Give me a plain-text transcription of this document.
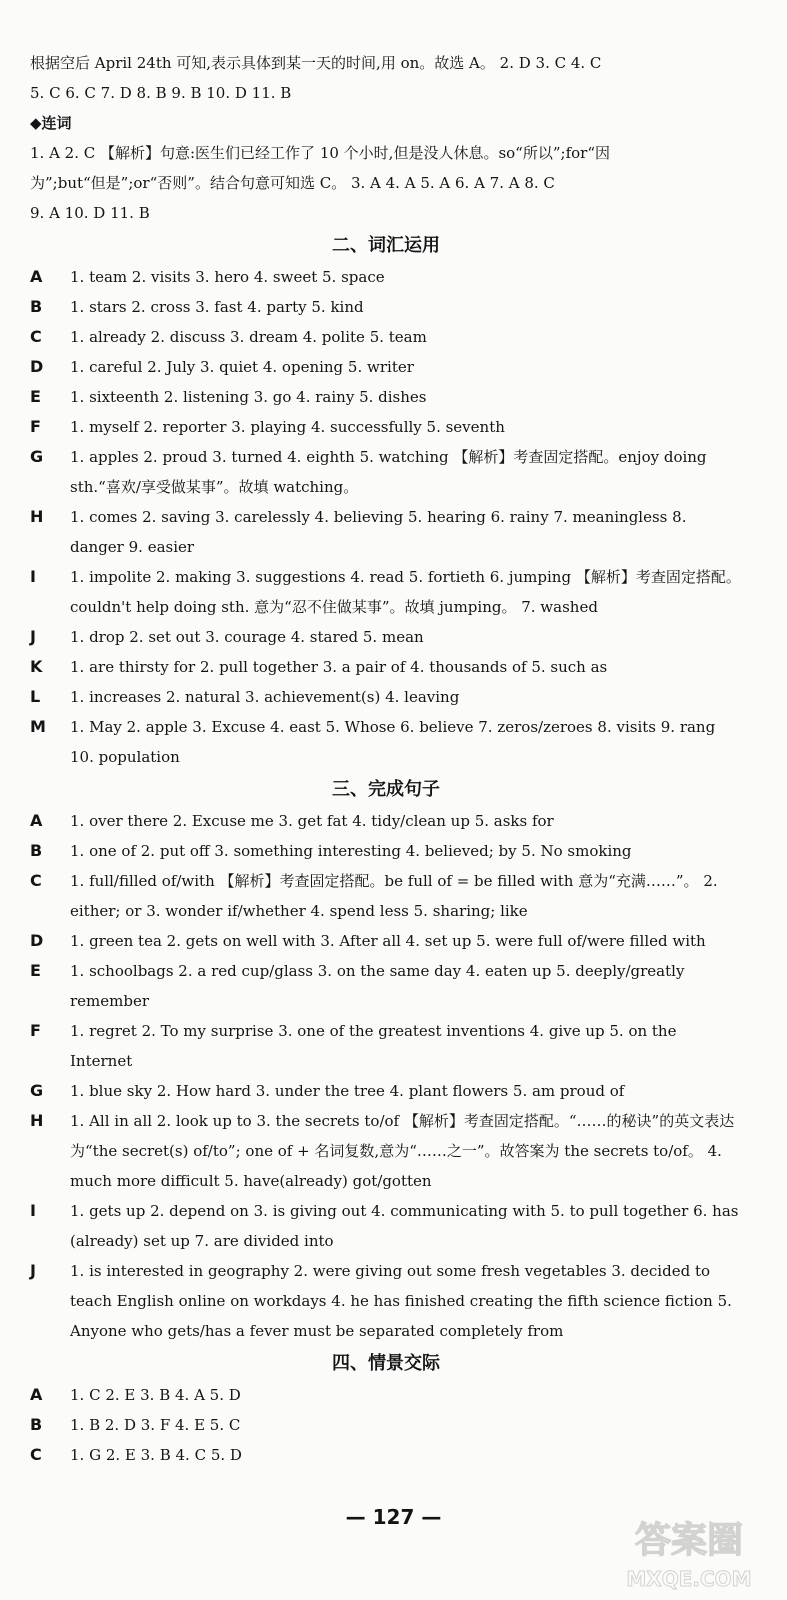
根据空后 April 24th 可知,表示具体到某一天的时间,用 on。故选 A。 2. D 3. C 4. C

5. C 6. C 7. D 8. B 9. B 10. D 11. B

◆连词

1. A 2. C 【解析】句意:医生们已经工作了 10 个小时,但是没人休息。so“所以”;for“因

为”;but“但是”;or“否则”。结合句意可知选 C。 3. A 4. A 5. A 6. A 7. A 8. C

9. A 10. D 11. B

二、词汇运用
A	1. team 2. visits 3. hero 4. sweet 5. space
B	1. stars 2. cross 3. fast 4. party 5. kind
C	1. already 2. discuss 3. dream 4. polite 5. team
D	1. careful 2. July 3. quiet 4. opening 5. writer
E	1. sixteenth 2. listening 3. go 4. rainy 5. dishes
F	1. myself 2. reporter 3. playing 4. successfully 5. seventh
G	1. apples 2. proud 3. turned 4. eighth 5. watching 【解析】考查固定搭配。enjoy doing sth.“喜欢/享受做某事”。故填 watching。
H	1. comes 2. saving 3. carelessly 4. believing 5. hearing 6. rainy 7. meaningless 8. danger 9. easier
I	1. impolite 2. making 3. suggestions 4. read 5. fortieth 6. jumping 【解析】考查固定搭配。couldn't help doing sth. 意为“忍不住做某事”。故填 jumping。 7. washed
J	1. drop 2. set out 3. courage 4. stared 5. mean
K	1. are thirsty for 2. pull together 3. a pair of 4. thousands of 5. such as
L	1. increases 2. natural 3. achievement(s) 4. leaving
M	1. May 2. apple 3. Excuse 4. east 5. Whose 6. believe 7. zeros/zeroes 8. visits 9. rang 10. population
三、完成句子
A	1. over there 2. Excuse me 3. get fat 4. tidy/clean up 5. asks for
B	1. one of 2. put off 3. something interesting 4. believed; by 5. No smoking
C	1. full/filled of/with 【解析】考查固定搭配。be full of = be filled with 意为“充满……”。 2. either; or 3. wonder if/whether 4. spend less 5. sharing; like
D	1. green tea 2. gets on well with 3. After all 4. set up 5. were full of/were filled with
E	1. schoolbags 2. a red cup/glass 3. on the same day 4. eaten up 5. deeply/greatly remember
F	1. regret 2. To my surprise 3. one of the greatest inventions 4. give up 5. on the Internet
G	1. blue sky 2. How hard 3. under the tree 4. plant flowers 5. am proud of
H	1. All in all 2. look up to 3. the secrets to/of 【解析】考查固定搭配。“……的秘诀”的英文表达为“the secret(s) of/to”; one of + 名词复数,意为“……之一”。故答案为 the secrets to/of。 4. much more difficult 5. have(already) got/gotten
I	1. gets up 2. depend on 3. is giving out 4. communicating with 5. to pull together 6. has (already) set up 7. are divided into
J	1. is interested in geography 2. were giving out some fresh vegetables 3. decided to teach English online on workdays 4. he has finished creating the fifth science fiction 5. Anyone who gets/has a fever must be separated completely from
四、情景交际
A	1. C 2. E 3. B 4. A 5. D
B	1. B 2. D 3. F 4. E 5. C
C	1. G 2. E 3. B 4. C 5. D
— 127 —
答案圈
MXQE.COM
